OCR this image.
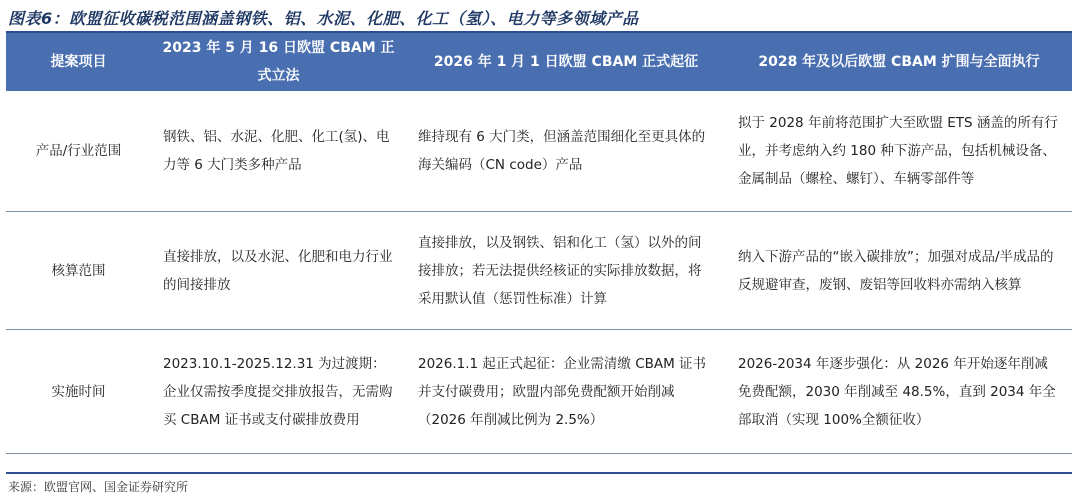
图表6：欧盟征收碳税范围涵盖钢铁、铝、水泥、化肥、化工（氢）、电力等多领域产品
提案项目	2023 年 5 月 16 日欧盟 CBAM 正式立法	2026 年 1 月 1 日欧盟 CBAM 正式起征	2028 年及以后欧盟 CBAM 扩围与全面执行
产品/行业范围	钢铁、铝、水泥、化肥、化工(氢)、电力等 6 大门类多种产品	维持现有 6 大门类，但涵盖范围细化至更具体的海关编码（CN code）产品	拟于 2028 年前将范围扩大至欧盟 ETS 涵盖的所有行业，并考虑纳入约 180 种下游产品，包括机械设备、金属制品（螺栓、螺钉）、车辆零部件等
核算范围	直接排放，以及水泥、化肥和电力行业的间接排放	直接排放，以及钢铁、铝和化工（氢）以外的间接排放；若无法提供经核证的实际排放数据，将采用默认值（惩罚性标准）计算	纳入下游产品的“嵌入碳排放”；加强对成品/半成品的反规避审查，废钢、废铝等回收料亦需纳入核算
实施时间	2023.10.1-2025.12.31 为过渡期：企业仅需按季度提交排放报告，无需购买 CBAM 证书或支付碳排放费用	2026.1.1 起正式起征：企业需清缴 CBAM 证书并支付碳费用；欧盟内部免费配额开始削减（2026 年削减比例为 2.5%）	2026-2034 年逐步强化：从 2026 年开始逐年削减免费配额，2030 年削减至 48.5%，直到 2034 年全部取消（实现 100%全额征收）
来源：欧盟官网、国金证券研究所
